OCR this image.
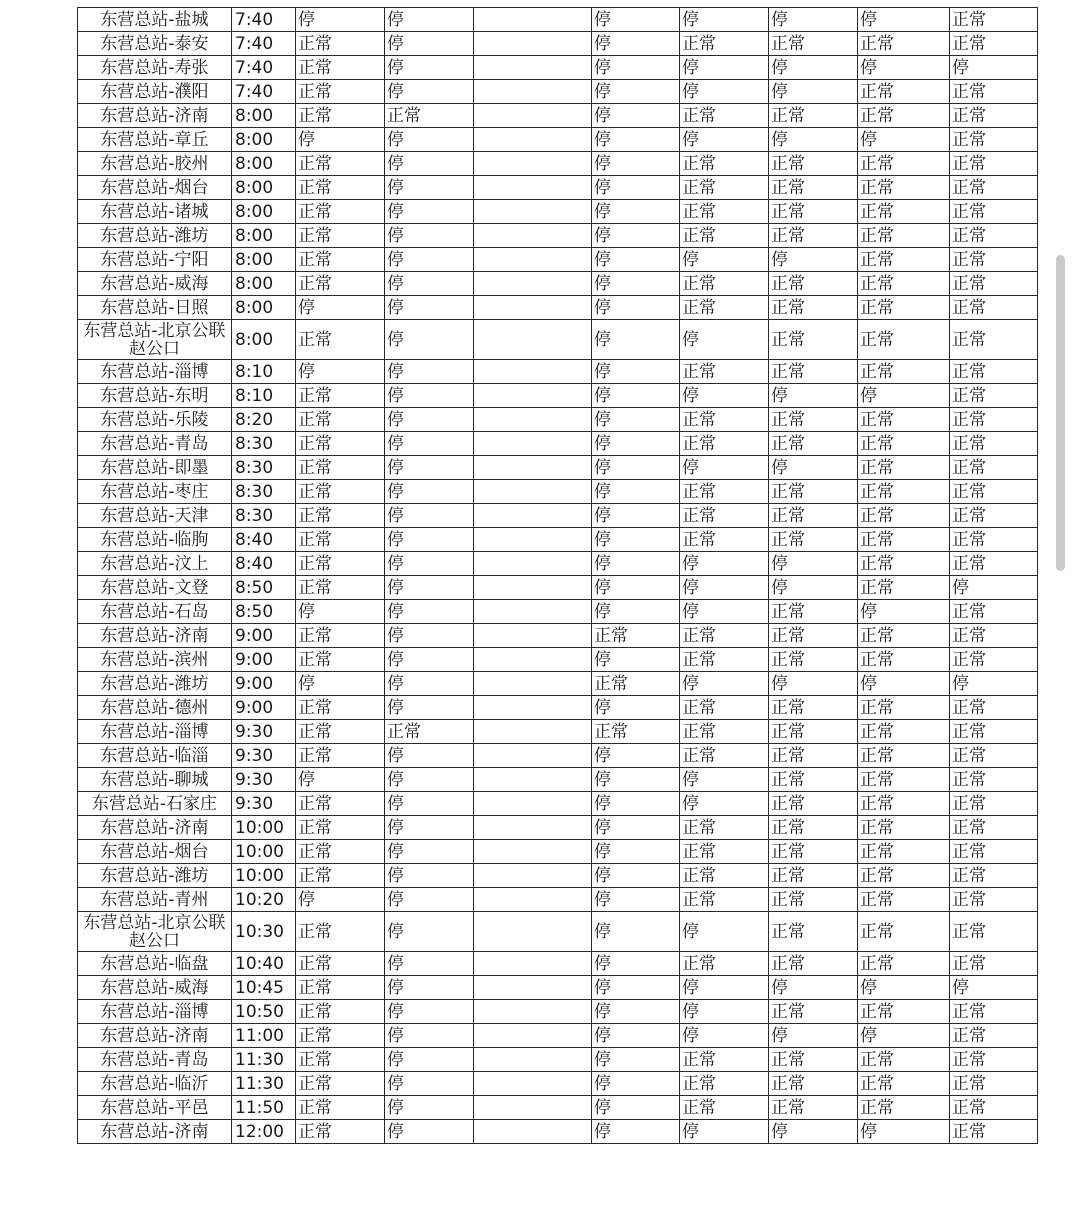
东营总站-盐城	7:40	停	停		停	停	停	停	正常
东营总站-泰安	7:40	正常	停		停	正常	正常	正常	正常
东营总站-寿张	7:40	正常	停		停	停	停	停	停
东营总站-濮阳	7:40	正常	停		停	停	停	正常	正常
东营总站-济南	8:00	正常	正常		停	正常	正常	正常	正常
东营总站-章丘	8:00	停	停		停	停	停	停	正常
东营总站-胶州	8:00	正常	停		停	正常	正常	正常	正常
东营总站-烟台	8:00	正常	停		停	正常	正常	正常	正常
东营总站-诸城	8:00	正常	停		停	正常	正常	正常	正常
东营总站-潍坊	8:00	正常	停		停	正常	正常	正常	正常
东营总站-宁阳	8:00	正常	停		停	停	停	正常	正常
东营总站-威海	8:00	正常	停		停	正常	正常	正常	正常
东营总站-日照	8:00	停	停		停	正常	正常	正常	正常
东营总站-北京公联赵公口	8:00	正常	停		停	停	正常	正常	正常
东营总站-淄博	8:10	停	停		停	正常	正常	正常	正常
东营总站-东明	8:10	正常	停		停	停	停	停	正常
东营总站-乐陵	8:20	正常	停		停	正常	正常	正常	正常
东营总站-青岛	8:30	正常	停		停	正常	正常	正常	正常
东营总站-即墨	8:30	正常	停		停	停	停	正常	正常
东营总站-枣庄	8:30	正常	停		停	正常	正常	正常	正常
东营总站-天津	8:30	正常	停		停	正常	正常	正常	正常
东营总站-临朐	8:40	正常	停		停	正常	正常	正常	正常
东营总站-汶上	8:40	正常	停		停	停	停	正常	正常
东营总站-文登	8:50	正常	停		停	停	停	正常	停
东营总站-石岛	8:50	停	停		停	停	正常	停	正常
东营总站-济南	9:00	正常	停		正常	正常	正常	正常	正常
东营总站-滨州	9:00	正常	停		停	正常	正常	正常	正常
东营总站-潍坊	9:00	停	停		正常	停	停	停	停
东营总站-德州	9:00	正常	停		停	正常	正常	正常	正常
东营总站-淄博	9:30	正常	正常		正常	正常	正常	正常	正常
东营总站-临淄	9:30	正常	停		停	正常	正常	正常	正常
东营总站-聊城	9:30	停	停		停	停	正常	正常	正常
东营总站-石家庄	9:30	正常	停		停	停	正常	正常	正常
东营总站-济南	10:00	正常	停		停	正常	正常	正常	正常
东营总站-烟台	10:00	正常	停		停	正常	正常	正常	正常
东营总站-潍坊	10:00	正常	停		停	正常	正常	正常	正常
东营总站-青州	10:20	停	停		停	正常	正常	正常	正常
东营总站-北京公联赵公口	10:30	正常	停		停	停	正常	正常	正常
东营总站-临盘	10:40	正常	停		停	正常	正常	正常	正常
东营总站-威海	10:45	正常	停		停	停	停	停	停
东营总站-淄博	10:50	正常	停		停	停	正常	正常	正常
东营总站-济南	11:00	正常	停		停	停	停	停	正常
东营总站-青岛	11:30	正常	停		停	正常	正常	正常	正常
东营总站-临沂	11:30	正常	停		停	正常	正常	正常	正常
东营总站-平邑	11:50	正常	停		停	正常	正常	正常	正常
东营总站-济南	12:00	正常	停		停	停	停	停	正常
